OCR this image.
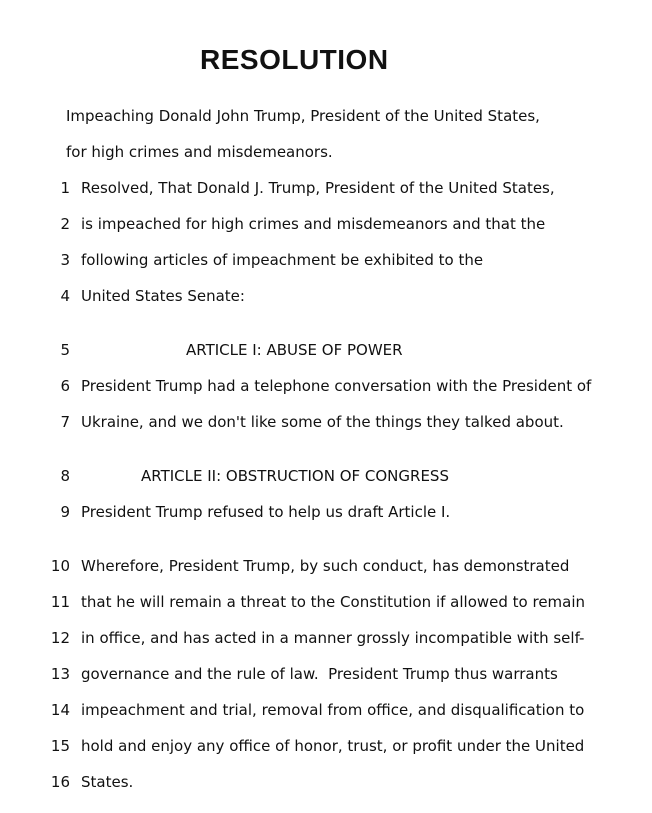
RESOLUTION
Impeaching Donald John Trump, President of the United States,
for high crimes and misdemeanors.
1 Resolved, That Donald J. Trump, President of the United States,
2 is impeached for high crimes and misdemeanors and that the
3 following articles of impeachment be exhibited to the
4 United States Senate:
5	ARTICLE I: ABUSE OF POWER
6 President Trump had a telephone conversation with the President of
7 Ukraine, and we don't like some of the things they talked about.
8	ARTICLE II: OBSTRUCTION OF CONGRESS
9 President Trump refused to help us draft Article I.
10 Wherefore, President Trump, by such conduct, has demonstrated
11 that he will remain a threat to the Constitution if allowed to remain
12 in office, and has acted in a manner grossly incompatible with self-
13 governance and the rule of law.  President Trump thus warrants
14 impeachment and trial, removal from office, and disqualification to
15 hold and enjoy any office of honor, trust, or profit under the United
16 States.
